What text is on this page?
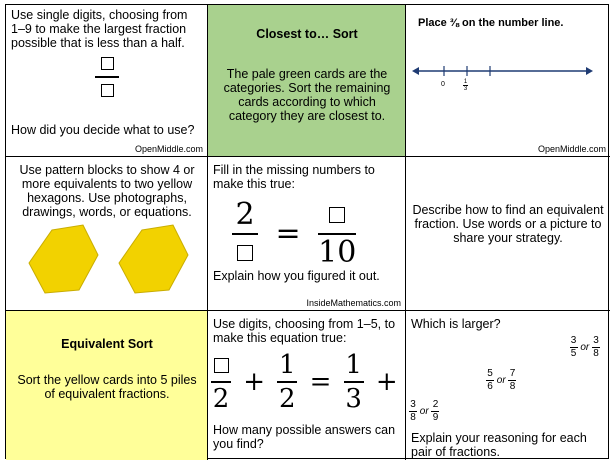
Use single digits, choosing from 1–9 to make the largest fraction possible that is less than a half.
How did you decide what to use?
OpenMiddle.com
Closest to… Sort
The pale green cards are the categories. Sort the remaining cards according to which category they are closest to.
Place ⅜ on the number line.
0	1
3
OpenMiddle.com
Use pattern blocks to show 4 or more equivalents to two yellow hexagons. Use photographs, drawings, words, or equations.
Fill in the missing numbers to make this true:
2
=
10
Explain how you figured it out.
InsideMathematics.com
Describe how to find an equivalent fraction. Use words or a picture to share your strategy.
Equivalent Sort
Sort the yellow cards into 5 piles of equivalent fractions.
Use digits, choosing from 1–5, to make this equation true:
2
+ $\frac{1}{2} = \frac{1}{3}$ +
How many possible answers can you find?
Which is larger?
$\frac{3}{5}$ or $\frac{3}{8}$
$\frac{5}{6}$ or $\frac{7}{8}$
$\frac{3}{8}$ or $\frac{2}{9}$
Explain your reasoning for each pair of fractions.
